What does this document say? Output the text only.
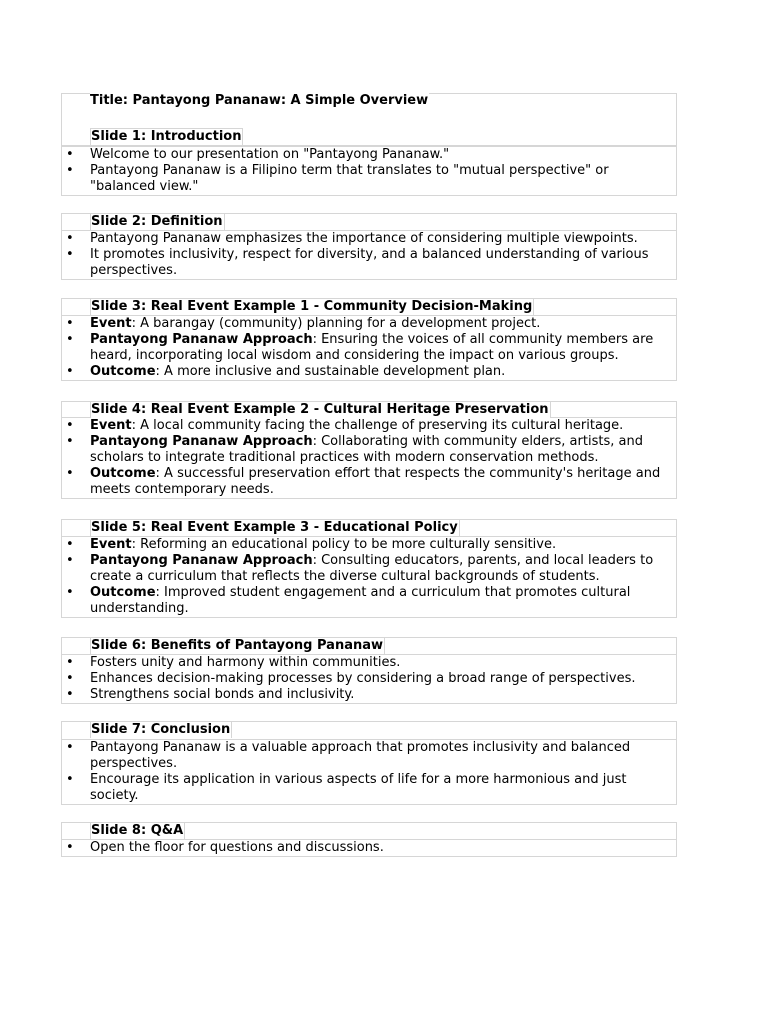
Title: Pantayong Pananaw: A Simple Overview
Slide 1: Introduction
• Welcome to our presentation on "Pantayong Pananaw."
• Pantayong Pananaw is a Filipino term that translates to "mutual perspective" or
"balanced view."
Slide 2: Definition
• Pantayong Pananaw emphasizes the importance of considering multiple viewpoints.
• It promotes inclusivity, respect for diversity, and a balanced understanding of various
perspectives.
Slide 3: Real Event Example 1 - Community Decision-Making
• Event: A barangay (community) planning for a development project.
• Pantayong Pananaw Approach: Ensuring the voices of all community members are
heard, incorporating local wisdom and considering the impact on various groups.
• Outcome: A more inclusive and sustainable development plan.
Slide 4: Real Event Example 2 - Cultural Heritage Preservation
• Event: A local community facing the challenge of preserving its cultural heritage.
• Pantayong Pananaw Approach: Collaborating with community elders, artists, and
scholars to integrate traditional practices with modern conservation methods.
• Outcome: A successful preservation effort that respects the community's heritage and
meets contemporary needs.
Slide 5: Real Event Example 3 - Educational Policy
• Event: Reforming an educational policy to be more culturally sensitive.
• Pantayong Pananaw Approach: Consulting educators, parents, and local leaders to
create a curriculum that reflects the diverse cultural backgrounds of students.
• Outcome: Improved student engagement and a curriculum that promotes cultural
understanding.
Slide 6: Benefits of Pantayong Pananaw
• Fosters unity and harmony within communities.
• Enhances decision-making processes by considering a broad range of perspectives.
• Strengthens social bonds and inclusivity.
Slide 7: Conclusion
• Pantayong Pananaw is a valuable approach that promotes inclusivity and balanced
perspectives.
• Encourage its application in various aspects of life for a more harmonious and just
society.
Slide 8: Q&A
• Open the floor for questions and discussions.
